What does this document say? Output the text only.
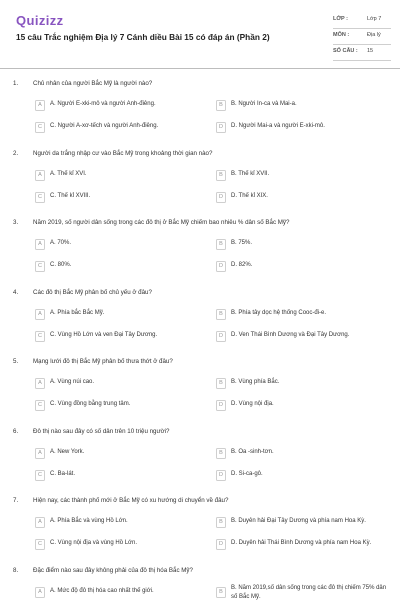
Quizizz
15 câu Trắc nghiệm Địa lý 7 Cánh diều Bài 15 có đáp án (Phần 2)
LỚP :	Lớp 7
MÔN :	Địa lý
SỐ CÂU : 15
1. Chủ nhân của người Bắc Mỹ là người nào?
A	A. Người E-xki-mô và người Anh-điêng.	B	B. Người In-ca và Mai-a.
C	C. Người A-xơ-tếch và người Anh-điêng.	D	D. Người Mai-a và người E-xki-mô.
2. Người da trắng nhập cư vào Bắc Mỹ trong khoảng thời gian nào?
A	A. Thế kỉ XVI.	B	B. Thế kỉ XVII.
C	C. Thế kỉ XVIII.	D	D. Thế kỉ XIX.
3. Năm 2019, số người dân sống trong các đô thị ở Bắc Mỹ chiếm bao nhiêu % dân số Bắc Mỹ?
A	A. 70%.	B	B. 75%.
C	C. 80%.	D	D. 82%.
4. Các đô thị Bắc Mỹ phân bố chủ yếu ở đâu?
A	A. Phía bắc Bắc Mỹ.	B	B. Phía tây dọc hệ thống Cooc-đi-e.
C	C. Vùng Hồ Lớn và ven Đại Tây Dương.	D	D. Ven Thái Bình Dương và Đại Tây Dương.
5. Mạng lưới đô thị Bắc Mỹ phân bố thưa thớt ở đâu?
A	A. Vùng núi cao.	B	B. Vùng phía Bắc.
C	C. Vùng đồng bằng trung tâm.	D	D. Vùng nội địa.
6. Đô thị nào sau đây có số dân trên 10 triệu người?
A	A. New York.	B	B. Oa -sinh-tơn.
C	C. Ba-lát.	D	D. Si-ca-gô.
7. Hiện nay, các thành phố mới ở Bắc Mỹ có xu hướng di chuyển về đâu?
A	A. Phía Bắc và vùng Hồ Lớn.	B	B. Duyên hải Đại Tây Dương và phía nam Hoa Kỳ.
C	C. Vùng nội địa và vùng Hồ Lớn.	D	D. Duyên hải Thái Bình Dương và phía nam Hoa Kỳ.
8. Đặc điểm nào sau đây không phải của đô thị hóa Bắc Mỹ?
A	A. Mức độ đô thị hóa cao nhất thế giới.	B
B. Năm 2019,số dân sống trong các đô thị chiếm 75% dân số Bắc Mỹ.
